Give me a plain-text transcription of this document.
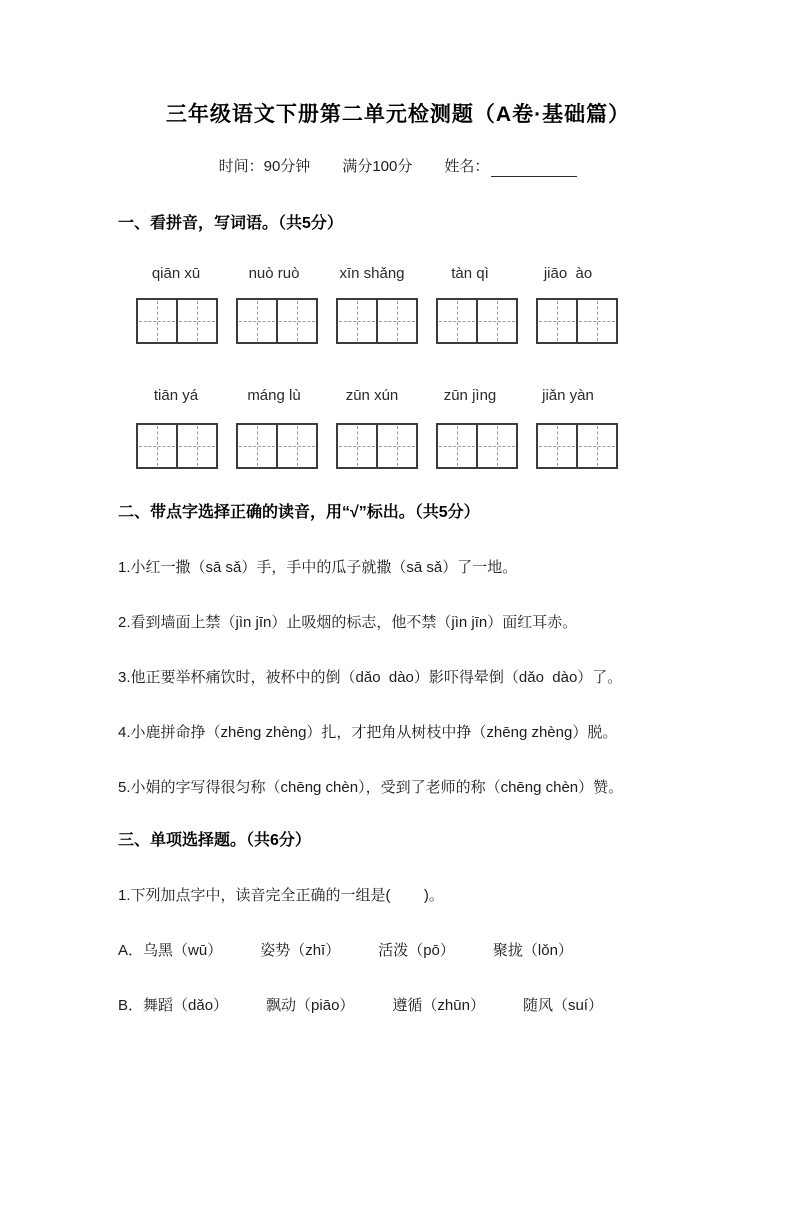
三年级语文下册第二单元检测题（A卷·基础篇）
时间：90分钟 满分100分 姓名：

一、看拼音，写词语。（共5分）

qiān xū	nuò ruò	xīn shǎng	tàn qì	jiāo  ào
tiān yá	máng lù	zūn xún	zūn jìng	jiǎn yàn

二、带点字选择正确的读音，用“√”标出。（共5分）

1.小红一撒（sā sǎ）手，手中的瓜子就撒（sā sǎ）了一地。

2.看到墙面上禁（jìn jīn）止吸烟的标志，他不禁（jìn jīn）面红耳赤。

3.他正要举杯痛饮时，被杯中的倒（dǎo  dào）影吓得晕倒（dǎo  dào）了。

4.小鹿拼命挣（zhēng zhèng）扎，才把角从树枝中挣（zhēng zhèng）脱。

5.小娟的字写得很匀称（chēng chèn），受到了老师的称（chēng chèn）赞。

三、单项选择题。（共6分）

1.下列加点字中，读音完全正确的一组是(        )。

A． 乌黑（wū）	姿势（zhī）	活泼（pō）	聚拢（lǒn）
B． 舞蹈（dǎo）	飘动（piāo）	遵循（zhūn）	随风（suí）
